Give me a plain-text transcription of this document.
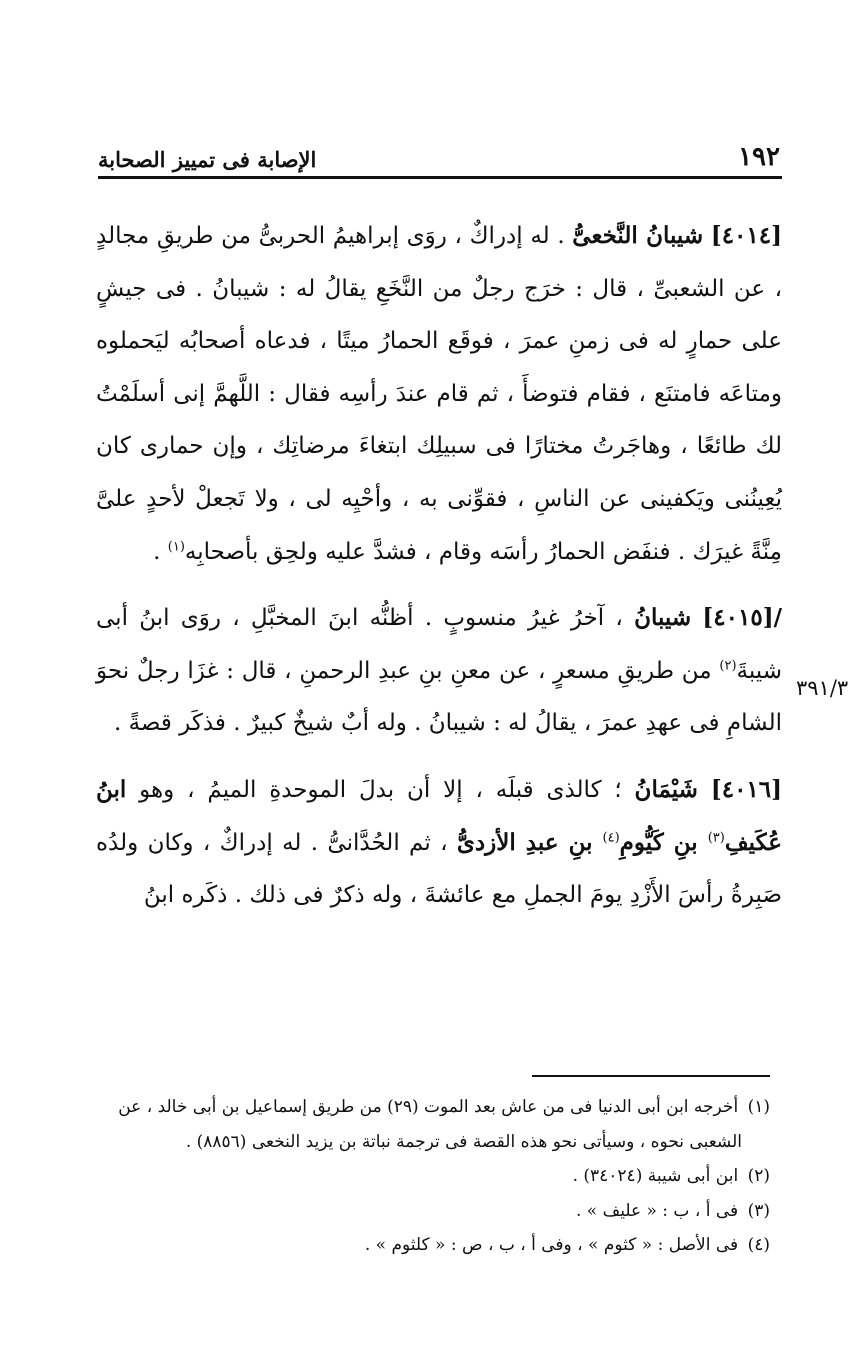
١٩٢
الإصابة فى تمييز الصحابة

[٤٠١٤] شيبانُ النَّخعىُّ . له إدراكٌ ، روَى إبراهيمُ الحربىُّ من طريقِ مجالدٍ ، عن الشعبىِّ ، قال : خرَج رجلٌ من النَّخَعِ يقالُ له : شيبانُ . فى جيشٍ على حمارٍ له فى زمنِ عمرَ ، فوقَع الحمارُ ميتًا ، فدعاه أصحابُه ليَحملوه ومتاعَه فامتنَع ، فقام فتوضأَ ، ثم قام عندَ رأسِه فقال : اللَّهمَّ إنى أسلَمْتُ لك طائعًا ، وهاجَرتُ مختارًا فى سبيلِك ابتغاءَ مرضاتِك ، وإن حمارى كان يُعِينُنى ويَكفينى عن الناسِ ، فقوِّنى به ، وأحْيِه لى ، ولا تَجعلْ لأحدٍ علىَّ مِنَّةً غيرَك . فنفَض الحمارُ رأسَه وقام ، فشدَّ عليه ولحِق بأصحابِه$^{(١)}$ .

/[٤٠١٥] شيبانُ ، آخرُ غيرُ منسوبٍ . أظنُّه ابنَ المخبَّلِ ، روَى ابنُ أبى شيبةَ$^{(٢)}$ من طريقِ مسعرٍ ، عن معنِ بنِ عبدِ الرحمنِ ، قال : غزَا رجلٌ نحوَ الشامِ فى عهدِ عمرَ ، يقالُ له : شيبانُ . وله أبٌ شيخٌ كبيرٌ . فذكَر قصةً .

[٤٠١٦] شَيْمَانُ ؛ كالذى قبلَه ، إلا أن بدلَ الموحدةِ الميمُ ، وهو ابنُ عُكَيفِ$^{(٣)}$ بنِ كَيُّومِ$^{(٤)}$ بنِ عبدِ الأزدىُّ ، ثم الحُدَّانىُّ . له إدراكٌ ، وكان ولدُه صَبِرةُ رأسَ الأَزْدِ يومَ الجملِ مع عائشةَ ، وله ذكرٌ فى ذلك . ذكَره ابنُ

٣٩١/٣

(١) أخرجه ابن أبى الدنيا فى من عاش بعد الموت (٢٩) من طريق إسماعيل بن أبى خالد ، عن

الشعبى نحوه ، وسيأتى نحو هذه القصة فى ترجمة نباتة بن يزيد النخعى (٨٨٥٦) .

(٢) ابن أبى شيبة (٣٤٠٢٤) .

(٣) فى أ ، ب : « عليف » .

(٤) فى الأصل : « كثوم » ، وفى أ ، ب ، ص : « كلثوم » .
